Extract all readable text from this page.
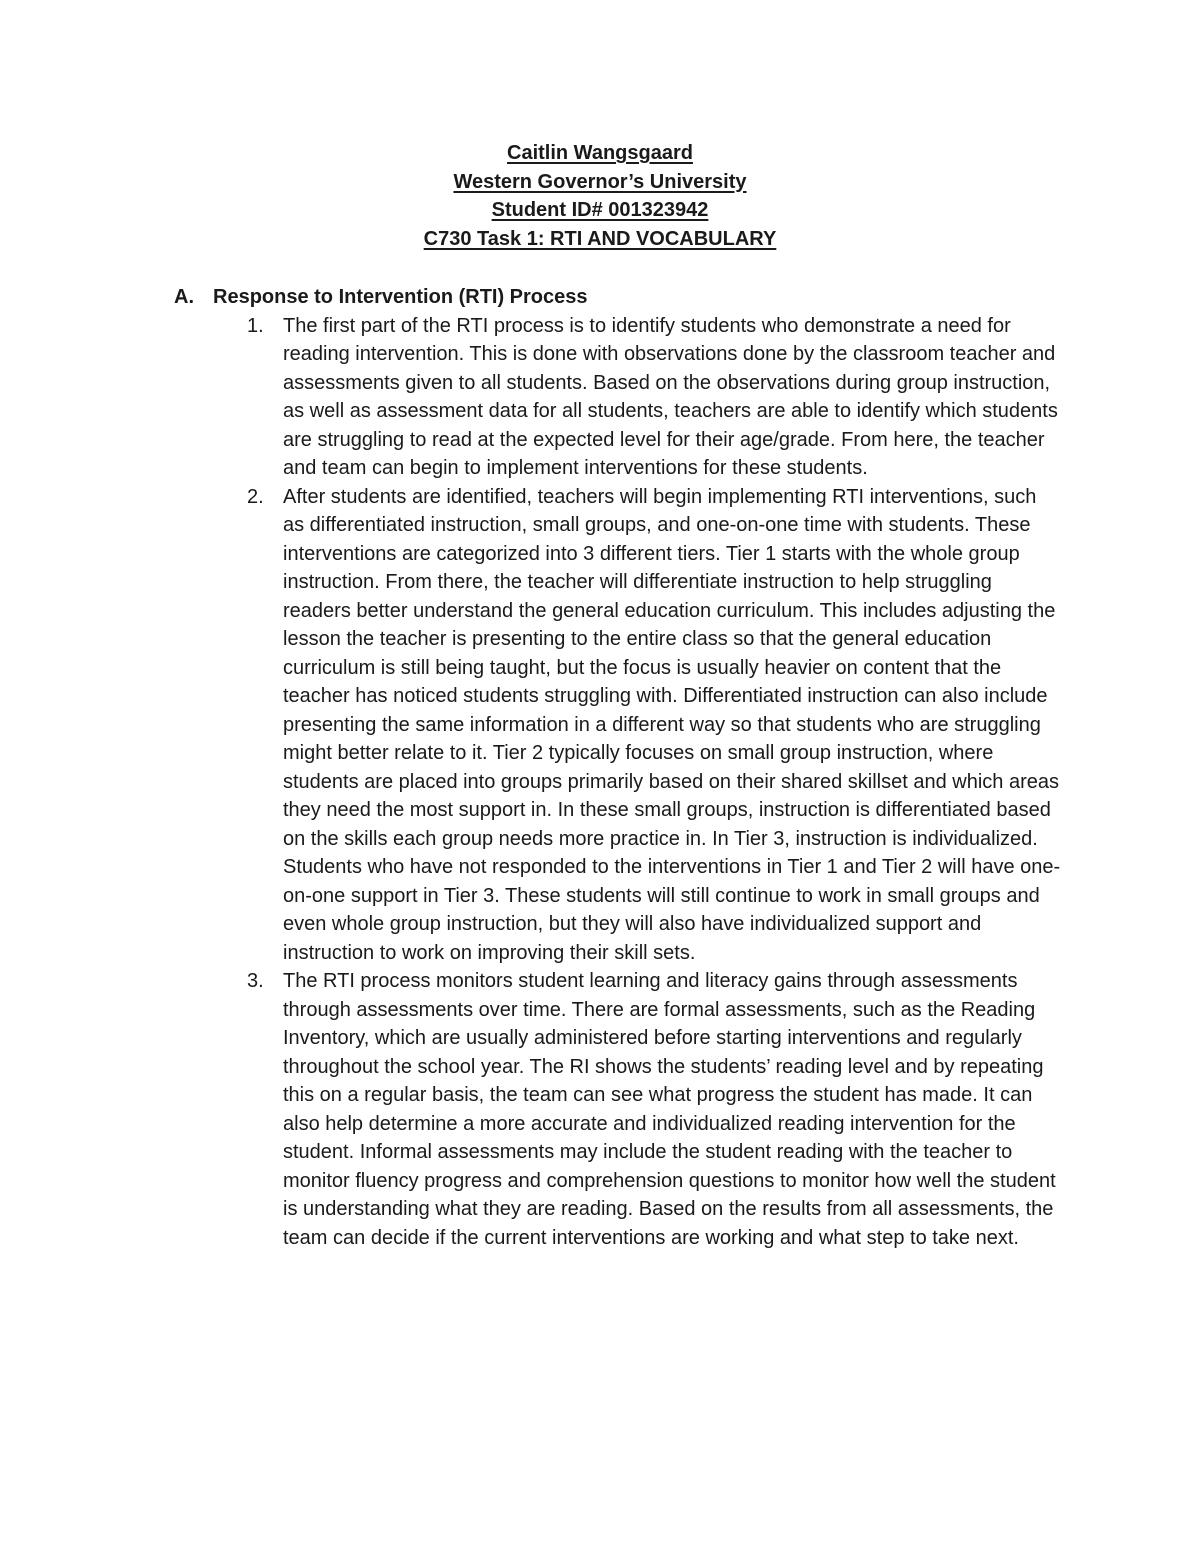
Caitlin Wangsgaard
Western Governor’s University
Student ID# 001323942
C730 Task 1: RTI AND VOCABULARY
A. Response to Intervention (RTI) Process
1. The first part of the RTI process is to identify students who demonstrate a need for reading intervention. This is done with observations done by the classroom teacher and assessments given to all students. Based on the observations during group instruction, as well as assessment data for all students, teachers are able to identify which students are struggling to read at the expected level for their age/grade. From here, the teacher and team can begin to implement interventions for these students.
2. After students are identified, teachers will begin implementing RTI interventions, such as differentiated instruction, small groups, and one-on-one time with students. These interventions are categorized into 3 different tiers. Tier 1 starts with the whole group instruction. From there, the teacher will differentiate instruction to help struggling readers better understand the general education curriculum. This includes adjusting the lesson the teacher is presenting to the entire class so that the general education curriculum is still being taught, but the focus is usually heavier on content that the teacher has noticed students struggling with. Differentiated instruction can also include presenting the same information in a different way so that students who are struggling might better relate to it. Tier 2 typically focuses on small group instruction, where students are placed into groups primarily based on their shared skillset and which areas they need the most support in. In these small groups, instruction is differentiated based on the skills each group needs more practice in. In Tier 3, instruction is individualized. Students who have not responded to the interventions in Tier 1 and Tier 2 will have one-on-one support in Tier 3. These students will still continue to work in small groups and even whole group instruction, but they will also have individualized support and instruction to work on improving their skill sets.
3. The RTI process monitors student learning and literacy gains through assessments through assessments over time. There are formal assessments, such as the Reading Inventory, which are usually administered before starting interventions and regularly throughout the school year. The RI shows the students’ reading level and by repeating this on a regular basis, the team can see what progress the student has made. It can also help determine a more accurate and individualized reading intervention for the student. Informal assessments may include the student reading with the teacher to monitor fluency progress and comprehension questions to monitor how well the student is understanding what they are reading. Based on the results from all assessments, the team can decide if the current interventions are working and what step to take next.
